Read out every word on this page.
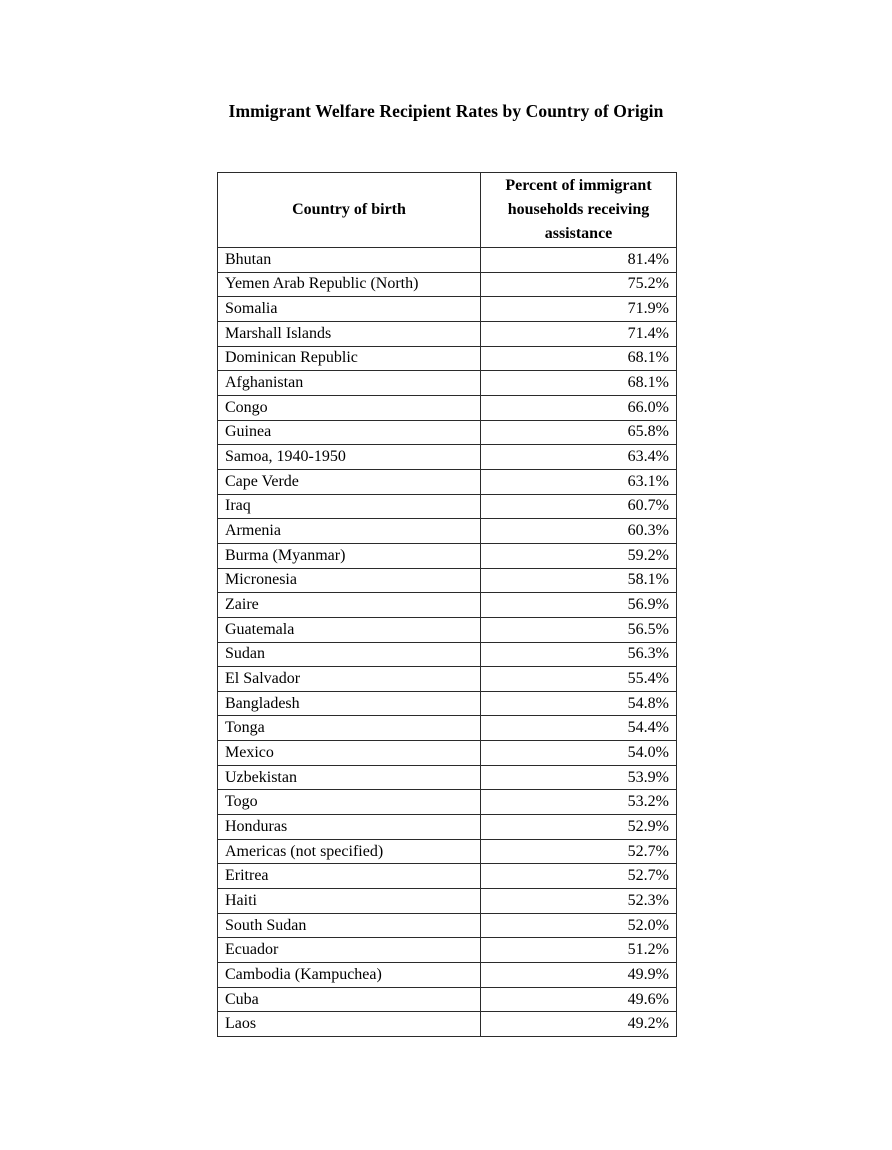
Immigrant Welfare Recipient Rates by Country of Origin
Country of birth	Percent of immigrant households receiving assistance
Bhutan	81.4%
Yemen Arab Republic (North)	75.2%
Somalia	71.9%
Marshall Islands	71.4%
Dominican Republic	68.1%
Afghanistan	68.1%
Congo	66.0%
Guinea	65.8%
Samoa, 1940-1950	63.4%
Cape Verde	63.1%
Iraq	60.7%
Armenia	60.3%
Burma (Myanmar)	59.2%
Micronesia	58.1%
Zaire	56.9%
Guatemala	56.5%
Sudan	56.3%
El Salvador	55.4%
Bangladesh	54.8%
Tonga	54.4%
Mexico	54.0%
Uzbekistan	53.9%
Togo	53.2%
Honduras	52.9%
Americas (not specified)	52.7%
Eritrea	52.7%
Haiti	52.3%
South Sudan	52.0%
Ecuador	51.2%
Cambodia (Kampuchea)	49.9%
Cuba	49.6%
Laos	49.2%
